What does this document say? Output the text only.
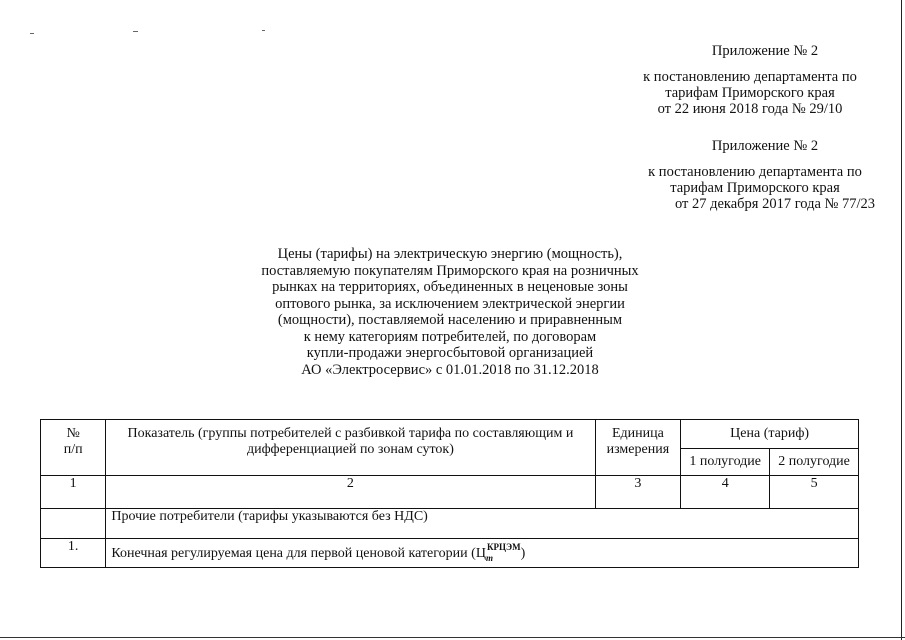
Приложение № 2
к постановлению департамента по
тарифам Приморского края
от 22 июня 2018 года № 29/10
Приложение № 2
к постановлению департамента по
тарифам Приморского края
от 27 декабря 2017 года № 77/23
Цены (тарифы) на электрическую энергию (мощность),
поставляемую покупателям Приморского края на розничных
рынках на территориях, объединенных в неценовые зоны
оптового рынка, за исключением электрической энергии
(мощности), поставляемой населению и приравненным
к нему категориям потребителей, по договорам
купли-продажи энергосбытовой организацией
АО «Электросервис» с 01.01.2018 по 31.12.2018
№
п/п	Показатель (группы потребителей с разбивкой тарифа по составляющим и дифференциацией по зонам суток)	Единица измерения	Цена (тариф)	
			1 полугодие	2 полугодие
1	2	3	4	5
	Прочие потребители (тарифы указываются без НДС)			
1.	Конечная регулируемая цена для первой ценовой категории $(Ц_m^{КРЦЭМ})$			
